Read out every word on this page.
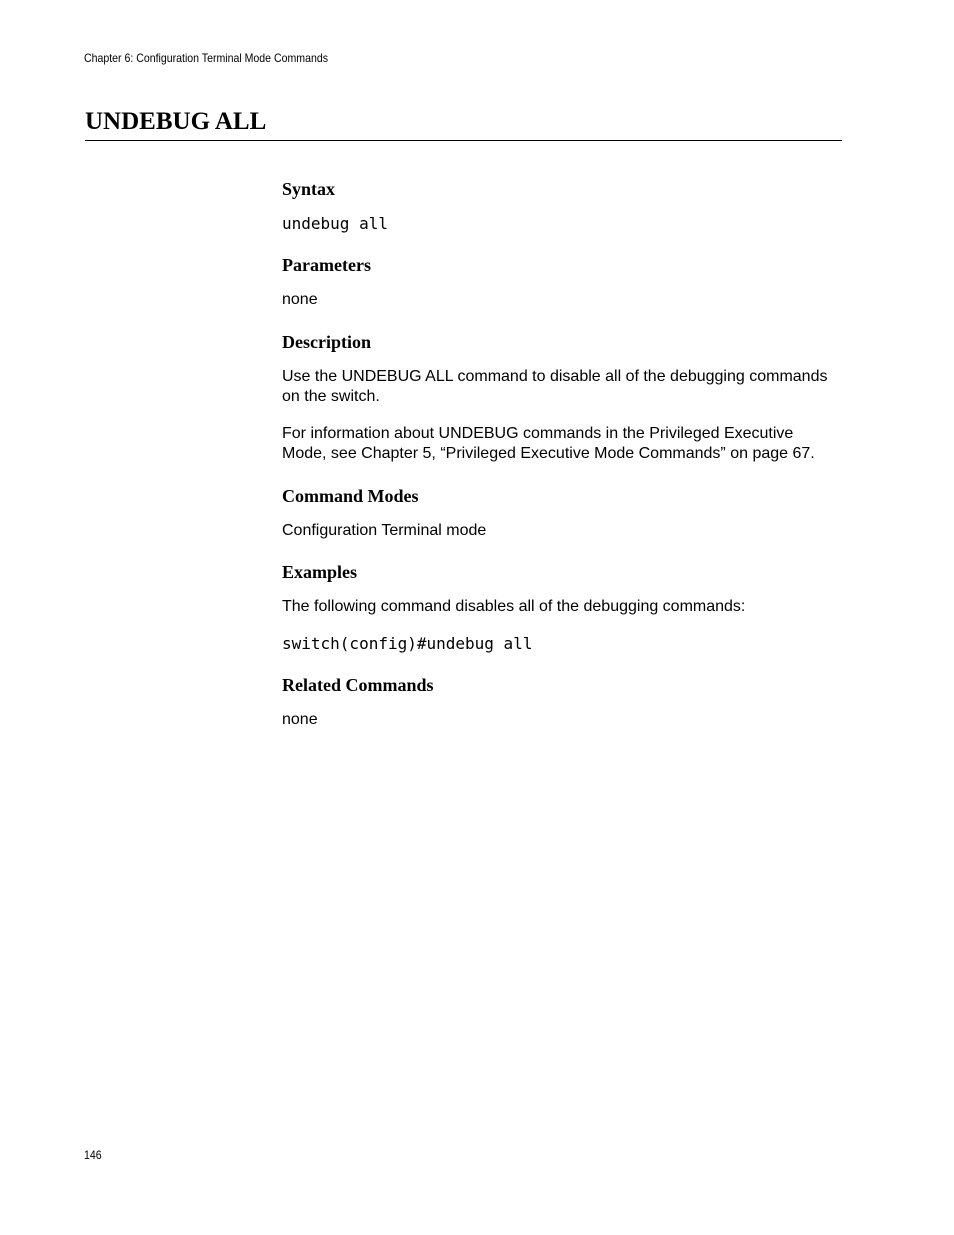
Chapter 6: Configuration Terminal Mode Commands
UNDEBUG ALL
Syntax

undebug all

Parameters

none

Description

Use the UNDEBUG ALL command to disable all of the debugging commands on the switch.

For information about UNDEBUG commands in the Privileged Executive Mode, see Chapter 5, “Privileged Executive Mode Commands” on page 67.

Command Modes

Configuration Terminal mode

Examples

The following command disables all of the debugging commands:

switch(config)#undebug all

Related Commands

none

146
